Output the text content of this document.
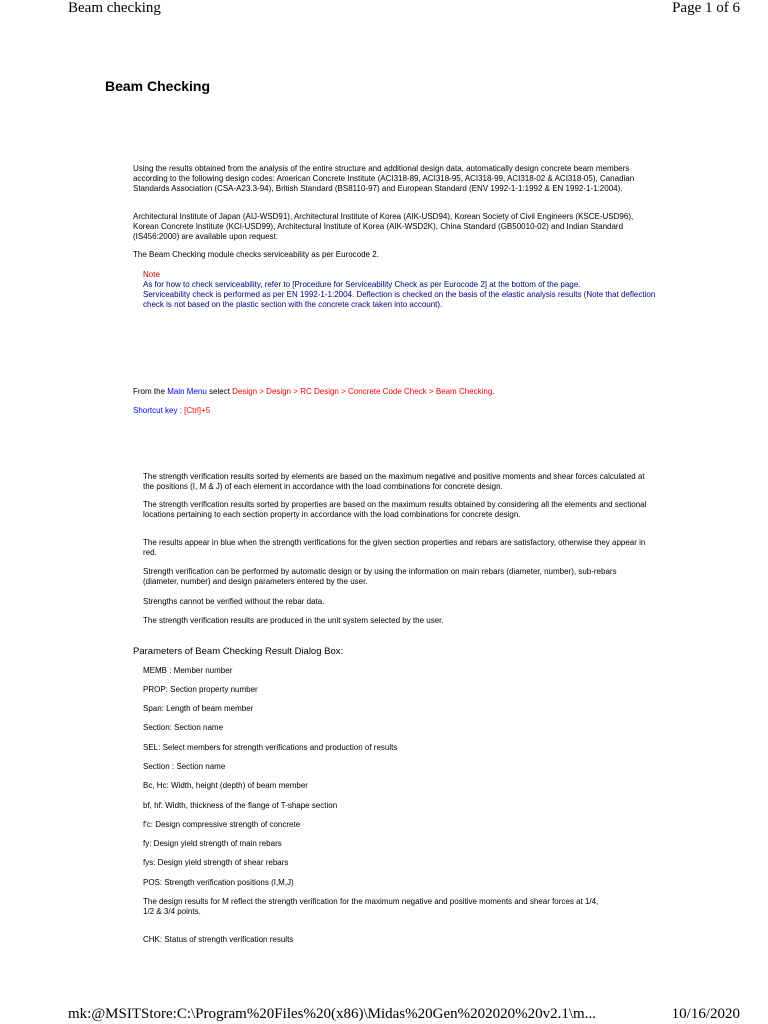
Beam checking	Page 1 of 6
Beam Checking
Using the results obtained from the analysis of the entire structure and additional design data, automatically design concrete beam members according to the following design codes: American Concrete Institute (ACI318-89, ACI318-95, ACI318-99, ACI318-02 & ACI318-05), Canadian Standards Association (CSA-A23.3-94), British Standard (BS8110-97) and European Standard (ENV 1992-1-1:1992 & EN 1992-1-1:2004).
Architectural Institute of Japan (AIJ-WSD91), Architectural Institute of Korea (AIK-USD94), Korean Society of Civil Engineers (KSCE-USD96), Korean Concrete Institute (KCI-USD99), Architectural Institute of Korea (AIK-WSD2K), China Standard (GB50010-02) and Indian Standard (IS456:2000) are available upon request.
The Beam Checking module checks serviceability as per Eurocode 2.
Note
As for how to check serviceability, refer to [Procedure for Serviceability Check as per Eurocode 2] at the bottom of the page.
Serviceability check is performed as per EN 1992-1-1:2004. Deflection is checked on the basis of the elastic analysis results (Note that deflection check is not based on the plastic section with the concrete crack taken into account).
From the Main Menu select Design > Design > RC Design > Concrete Code Check > Beam Checking.
Shortcut key : [Ctrl]+5
The strength verification results sorted by elements are based on the maximum negative and positive moments and shear forces calculated at the positions (I, M & J) of each element in accordance with the load combinations for concrete design.
The strength verification results sorted by properties are based on the maximum results obtained by considering all the elements and sectional locations pertaining to each section property in accordance with the load combinations for concrete design.
The results appear in blue when the strength verifications for the given section properties and rebars are satisfactory, otherwise they appear in red.
Strength verification can be performed by automatic design or by using the information on main rebars (diameter, number), sub-rebars (diameter, number) and design parameters entered by the user.
Strengths cannot be verified without the rebar data.
The strength verification results are produced in the unit system selected by the user.
Parameters of Beam Checking Result Dialog Box:
MEMB : Member number
PROP: Section property number
Span: Length of beam member
Section: Section name
SEL: Select members for strength verifications and production of results
Section : Section name
Bc, Hc: Width, height (depth) of beam member
bf, hf: Width, thickness of the flange of T-shape section
f'c: Design compressive strength of concrete
fy: Design yield strength of main rebars
fys: Design yield strength of shear rebars
POS: Strength verification positions (I,M,J)
The design results for M reflect the strength verification for the maximum negative and positive moments and shear forces at 1/4,
1/2 & 3/4 points.
CHK: Status of strength verification results
mk:@MSITStore:C:\Program%20Files%20(x86)\Midas%20Gen%202020%20v2.1\m...	10/16/2020
